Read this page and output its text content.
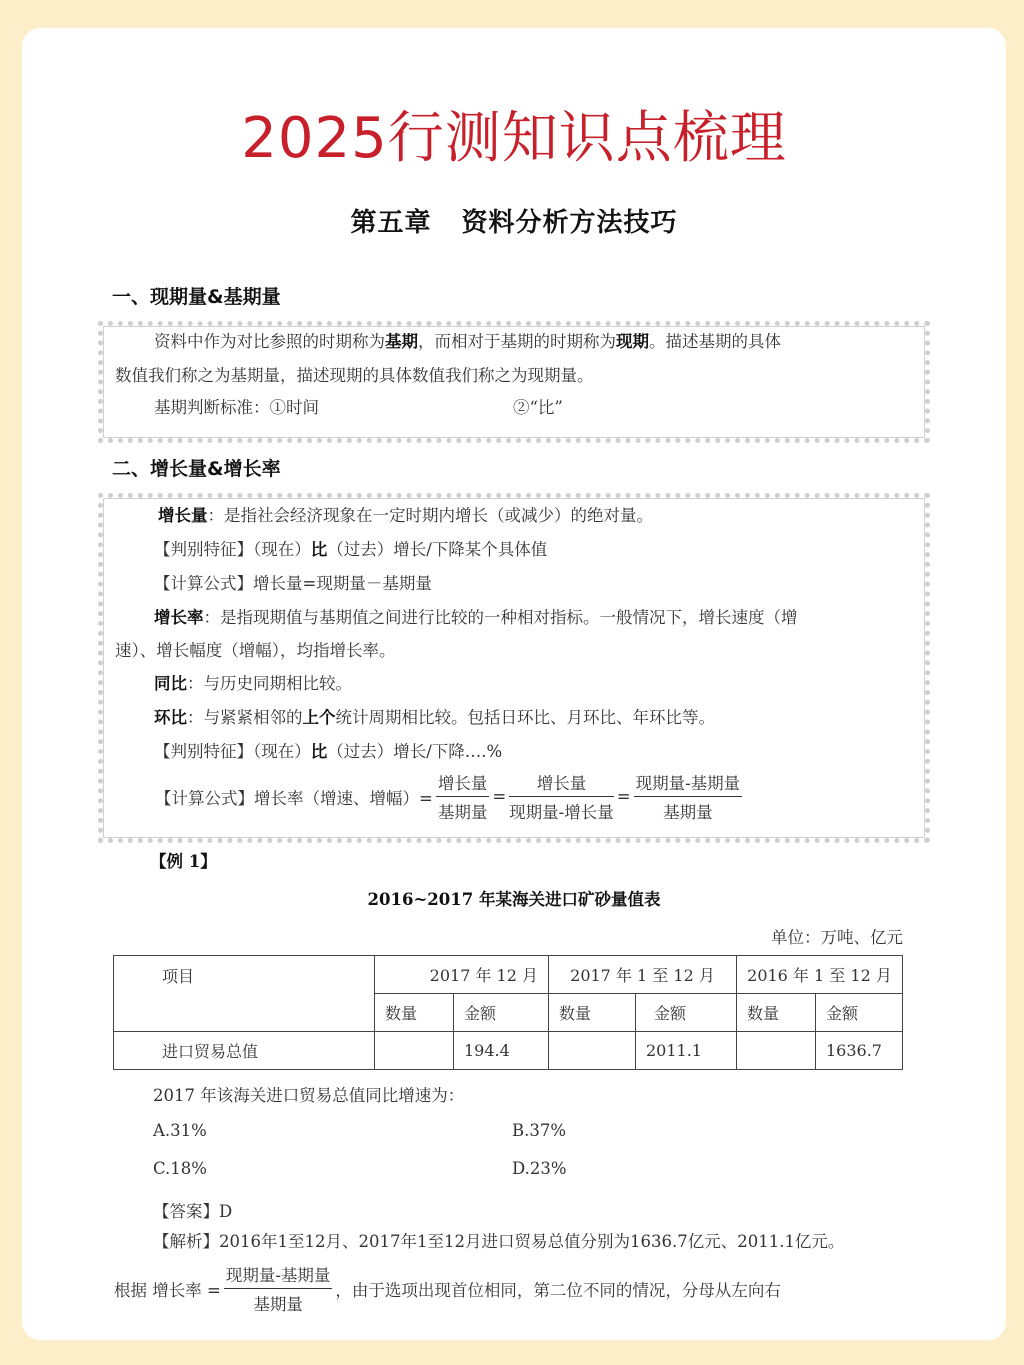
2025行测知识点梳理
第五章 资料分析方法技巧
一、现期量&基期量
资料中作为对比参照的时期称为基期，而相对于基期的时期称为现期。描述基期的具体
数值我们称之为基期量，描述现期的具体数值我们称之为现期量。
基期判断标准：①时间	②“比”
二、增长量&增长率
增长量：是指社会经济现象在一定时期内增长（或减少）的绝对量。
【判别特征】（现在）比（过去）增长/下降某个具体值
【计算公式】增长量=现期量－基期量
增长率：是指现期值与基期值之间进行比较的一种相对指标。一般情况下，增长速度（增
速）、增长幅度（增幅），均指增长率。
同比：与历史同期相比较。
环比：与紧紧相邻的上个统计周期相比较。包括日环比、月环比、年环比等。
【判别特征】（现在）比（过去）增长/下降….%
【计算公式】增长率（增速、增幅）= $\frac{\text{增长量}}{\text{基期量}} = \frac{\text{增长量}}{\text{现期量-增长量}} = \frac{\text{现期量-基期量}}{\text{基期量}}$
【例 1】
2016~2017 年某海关进口矿砂量值表
单位：万吨、亿元
项目	2017 年 12 月		2017 年 1 至 12 月		2016 年 1 至 12 月	
	数量	金额	数量	金额	数量	金额
进口贸易总值		194.4		2011.1		1636.7
2017 年该海关进口贸易总值同比增速为：
A.31%	B.37%
C.18%	D.23%
【答案】D
【解析】2016年1至12月、2017年1至12月进口贸易总值分别为1636.7亿元、2011.1亿元。
根据 增长率 = $\frac{\text{现期量-基期量}}{\text{基期量}}$ ，由于选项出现首位相同，第二位不同的情况，分母从左向右
